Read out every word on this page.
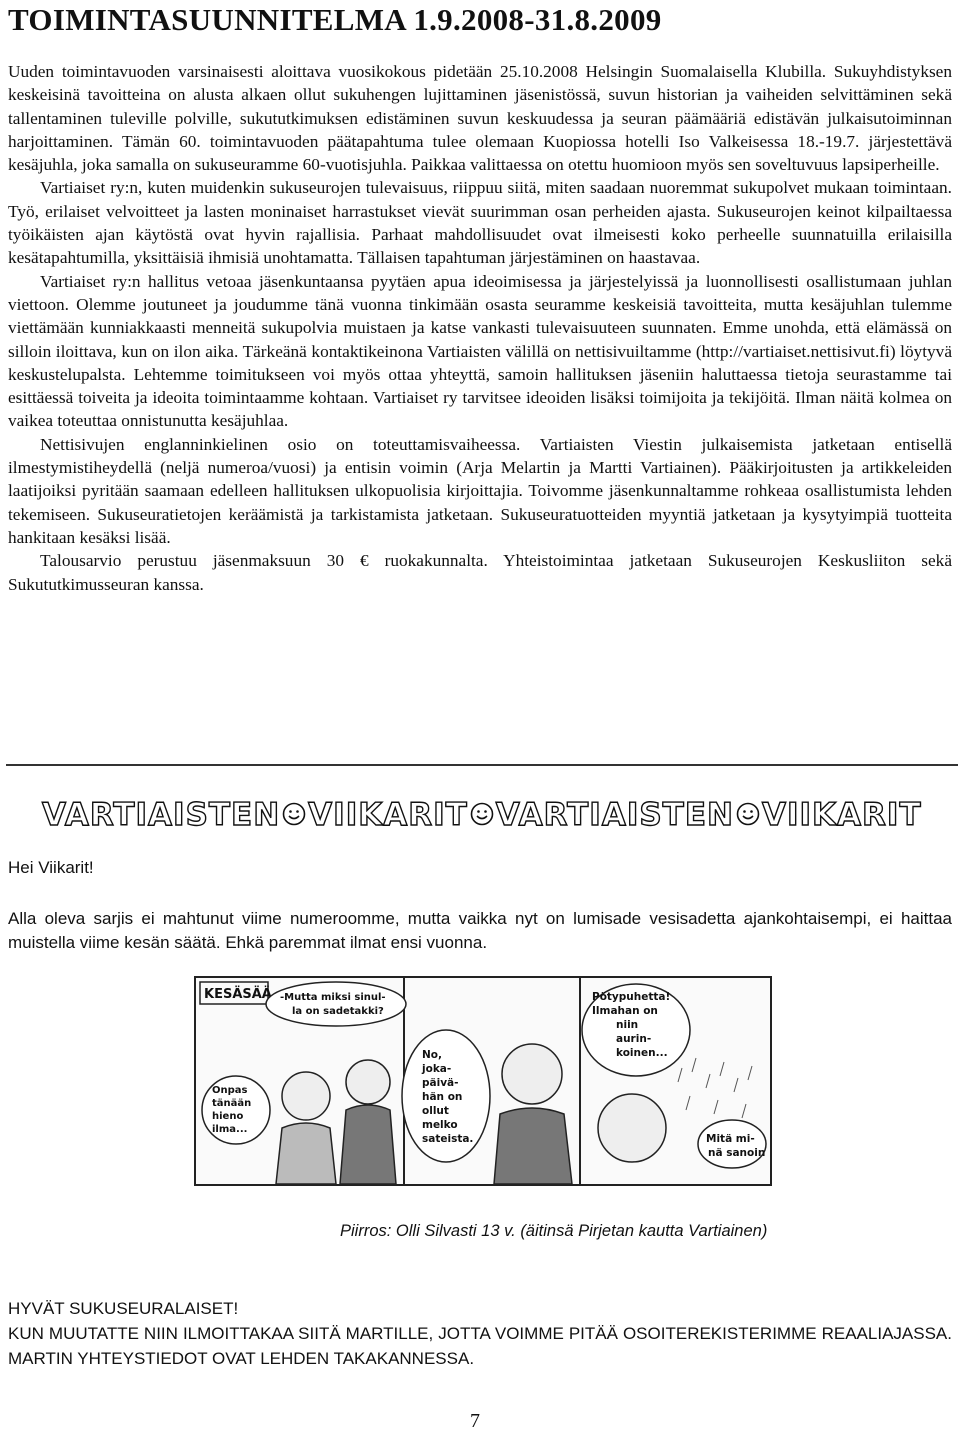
TOIMINTASUUNNITELMA 1.9.2008-31.8.2009

Uuden toimintavuoden varsinaisesti aloittava vuosikokous pidetään 25.10.2008 Helsingin Suomalaisella Klubilla. Sukuyhdistyksen keskeisinä tavoitteina on alusta alkaen ollut sukuhengen lujittaminen jäsenistössä, suvun historian ja vaiheiden selvittäminen sekä tallentaminen tuleville polville, sukututkimuksen edistäminen suvun keskuudessa ja seuran päämääriä edistävän julkaisutoiminnan harjoittaminen. Tämän 60. toimintavuoden päätapahtuma tulee olemaan Kuopiossa hotelli Iso Valkeisessa 18.-19.7. järjestettävä kesäjuhla, joka samalla on sukuseuramme 60-vuotisjuhla. Paikkaa valittaessa on otettu huomioon myös sen soveltuvuus lapsiperheille.

Vartiaiset ry:n, kuten muidenkin sukuseurojen tulevaisuus, riippuu siitä, miten saadaan nuoremmat sukupolvet mukaan toimintaan. Työ, erilaiset velvoitteet ja lasten moninaiset harrastukset vievät suurimman osan perheiden ajasta. Sukuseurojen keinot kilpailtaessa työikäisten ajan käytöstä ovat hyvin rajallisia. Parhaat mahdollisuudet ovat ilmeisesti koko perheelle suunnatuilla erilaisilla kesätapahtumilla, yksittäisiä ihmisiä unohtamatta. Tällaisen tapahtuman järjestäminen on haastavaa.

Vartiaiset ry:n hallitus vetoaa jäsenkuntaansa pyytäen apua ideoimisessa ja järjestelyissä ja luonnollisesti osallistumaan juhlan viettoon. Olemme joutuneet ja joudumme tänä vuonna tinkimään osasta seuramme keskeisiä tavoitteita, mutta kesäjuhlan tulemme viettämään kunniakkaasti menneitä sukupolvia muistaen ja katse vankasti tulevaisuuteen suunnaten. Emme unohda, että elämässä on silloin iloittava, kun on ilon aika. Tärkeänä kontaktikeinona Vartiaisten välillä on nettisivuiltamme (http://vartiaiset.nettisivut.fi) löytyvä keskustelupalsta. Lehtemme toimitukseen voi myös ottaa yhteyttä, samoin hallituksen jäseniin haluttaessa tietoja seurastamme tai esittäessä toiveita ja ideoita toimintaamme kohtaan. Vartiaiset ry tarvitsee ideoiden lisäksi toimijoita ja tekijöitä. Ilman näitä kolmea on vaikea toteuttaa onnistunutta kesäjuhlaa.

Nettisivujen englanninkielinen osio on toteuttamisvaiheessa. Vartiaisten Viestin julkaisemista jatketaan entisellä ilmestymistiheydellä (neljä numeroa/vuosi) ja entisin voimin (Arja Melartin ja Martti Vartiainen). Pääkirjoitusten ja artikkeleiden laatijoiksi pyritään saamaan edelleen hallituksen ulkopuolisia kirjoittajia. Toivomme jäsenkunnaltamme rohkeaa osallistumista lehden tekemiseen. Sukuseuratietojen keräämistä ja tarkistamista jatketaan. Sukuseuratuotteiden myyntiä jatketaan ja kysytyimpiä tuotteita hankitaan kesäksi lisää.

Talousarvio perustuu jäsenmaksuun 30 € ruokakunnalta. Yhteistoimintaa jatketaan Sukuseurojen Keskusliiton sekä Sukututkimusseuran kanssa.

VARTIAISTEN VIIKARIT VARTIAISTEN VIIKARIT
Hei Viikarit!

Alla oleva sarjis ei mahtunut viime numeroomme, mutta vaikka nyt on lumisade vesisadetta ajankohtaisempi, ei haittaa muistella viime kesän säätä. Ehkä paremmat ilmat ensi vuonna.

KESÄSÄÄ
Onpas tänään hieno ilma...
-Mutta miksi sinul- la on sadetakki?
No, joka- päivä- hän on ollut melko sateista.
Pötypuhetta! Ilmahan on niin aurin- koinen...
Mitä mi- nä sanoin
Piirros: Olli Silvasti 13 v. (äitinsä Pirjetan kautta Vartiainen)
HYVÄT SUKUSEURALAISET!
KUN MUUTATTE NIIN ILMOITTAKAA SIITÄ MARTILLE, JOTTA VOIMME PITÄÄ OSOITEREKISTERIMME REAALIAJASSA. MARTIN YHTEYSTIEDOT OVAT LEHDEN TAKAKANNESSA.
7
